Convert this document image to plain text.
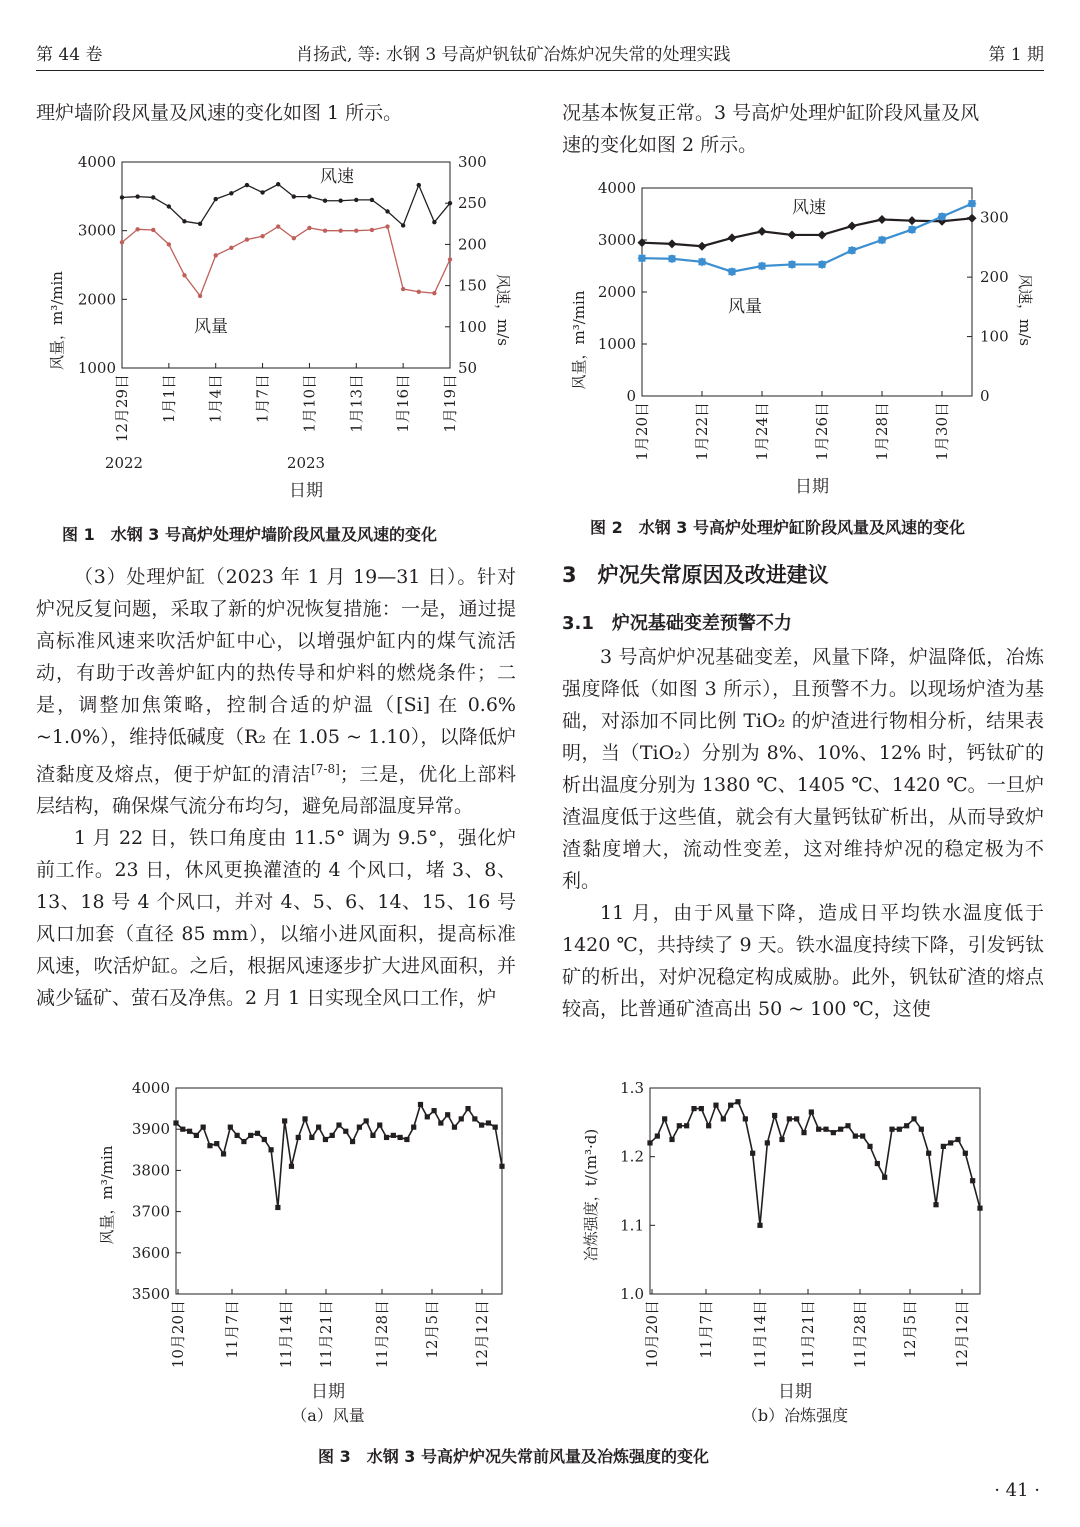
第 44 卷	肖扬武, 等: 水钢 3 号高炉钒钛矿冶炼炉况失常的处理实践	第 1 期
理炉墙阶段风量及风速的变化如图 1 所示。	况基本恢复正常。3 号高炉处理炉缸阶段风量及风

速的变化如图 2 所示。

4000
3000
2000
1000
300
250
200
150
100
50
12月29日 1月1日 1月4日 1月7日 1月10日 1月13日 1月16日 1月19日
风速
风量
风量，m³/min	风速，m/s
2022	2023
日期
图 1　水钢 3 号高炉处理炉墙阶段风量及风速的变化
4000
3000
2000
1000
0
300
200
100
0
1月20日	1月22日	1月24日	1月26日	1月28日	1月30日
风速
风量
风量，m³/min	风速，m/s
日期
图 2　水钢 3 号高炉处理炉缸阶段风量及风速的变化

（3）处理炉缸（2023 年 1 月 19—31 日）。针对炉况反复问题，采取了新的炉况恢复措施：一是，通过提高标准风速来吹活炉缸中心，以增强炉缸内的煤气流活动，有助于改善炉缸内的热传导和炉料的燃烧条件；二是，调整加焦策略，控制合适的炉温（[Si] 在 0.6% ~1.0%），维持低碱度（R₂ 在 1.05 ~ 1.10），以降低炉渣黏度及熔点，便于炉缸的清洁[7-8]；三是，优化上部料层结构，确保煤气流分布均匀，避免局部温度异常。

1 月 22 日，铁口角度由 11.5° 调为 9.5°，强化炉前工作。23 日，休风更换灌渣的 4 个风口，堵 3、8、13、18 号 4 个风口，并对 4、5、6、14、15、16 号风口加套（直径 85 mm），以缩小进风面积，提高标准风速，吹活炉缸。之后，根据风速逐步扩大进风面积，并减少锰矿、萤石及净焦。2 月 1 日实现全风口工作，炉

3　炉况失常原因及改进建议
3.1　炉况基础变差预警不力

3 号高炉炉况基础变差，风量下降，炉温降低，冶炼强度降低（如图 3 所示），且预警不力。以现场炉渣为基础，对添加不同比例 TiO₂ 的炉渣进行物相分析，结果表明，当（TiO₂）分别为 8%、10%、12% 时，钙钛矿的析出温度分别为 1380 ℃、1405 ℃、1420 ℃。一旦炉渣温度低于这些值，就会有大量钙钛矿析出，从而导致炉渣黏度增大，流动性变差，这对维持炉况的稳定极为不利。

11 月，由于风量下降，造成日平均铁水温度低于 1420 ℃，共持续了 9 天。铁水温度持续下降，引发钙钛矿的析出，对炉况稳定构成威胁。此外，钒钛矿渣的熔点较高，比普通矿渣高出 50 ~ 100 ℃，这使

4000
3900
3800
3700
3600
3500
10月20日 11月7日 11月14日 11月21日	11月28日 12月5日 12月12日
风量，m³/min
日期
（a）风量
1.3
1.2
1.1
1.0
10月20日 11月7日 11月14日 11月21日 11月28日 12月5日 12月12日
冶炼强度，t/(m³·d)
日期
（b）冶炼强度
图 3　水钢 3 号高炉炉况失常前风量及冶炼强度的变化
· 41 ·
